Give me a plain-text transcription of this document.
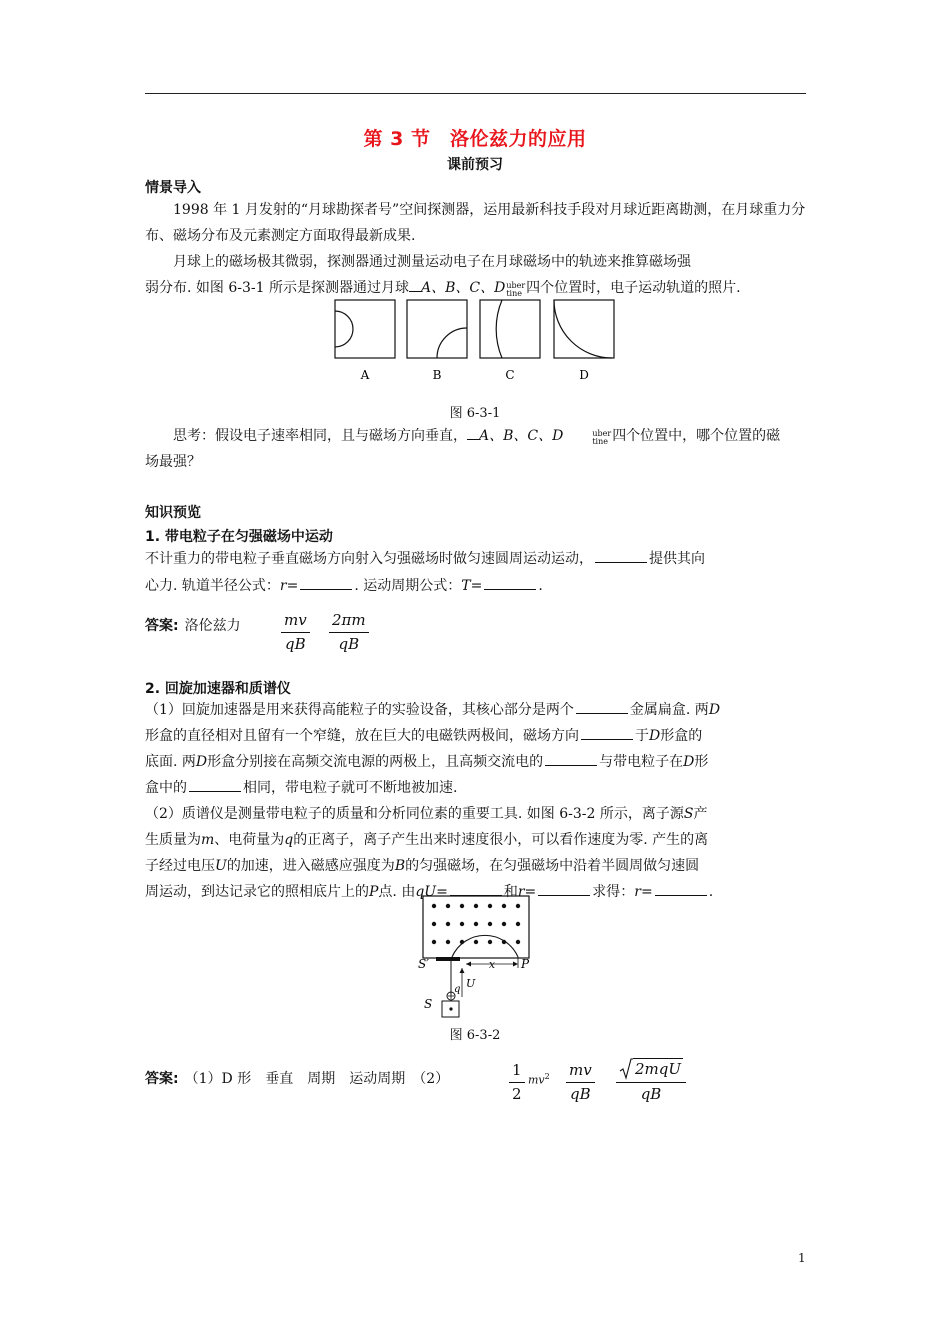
第 3 节　洛伦兹力的应用
课前预习
情景导入
1998 年 1 月发射的“月球勘探者号”空间探测器，运用最新科技手段对月球近距离勘测，在月球重力分布、磁场分布及元素测定方面取得最新成果.
月球上的磁场极其微弱，探测器通过测量运动电子在月球磁场中的轨迹来推算磁场强
弱分布. 如图 6-3-1 所示是探测器通过月球 A、B、C、D uber
tine 四个位置时，电子运动轨道的照片.
A	B	C	D
图 6-3-1
思考：假设电子速率相同，且与磁场方向垂直， A、B、C、D	uber
tine 四个位置中，哪个位置的磁
场最强？
知识预览
1. 带电粒子在匀强磁场中运动
不计重力的带电粒子垂直磁场方向射入匀强磁场时做匀速圆周运动运动，	提供其向
心力. 轨道半径公式：r=	. 运动周期公式：T=	.
答案: 洛伦兹力	$\frac{mv}{qB} \frac{2\pi m}{qB}$
2. 回旋加速器和质谱仪
（1）回旋加速器是用来获得高能粒子的实验设备，其核心部分是两个	金属扁盒. 两D
形盒的直径相对且留有一个窄缝，放在巨大的电磁铁两极间，磁场方向	于D形盒的
底面. 两D形盒分别接在高频交流电源的两极上，且高频交流电的	与带电粒子在D形
盒中的	相同，带电粒子就可不断地被加速.
（2）质谱仪是测量带电粒子的质量和分析同位素的重要工具. 如图 6-3-2 所示，离子源S产
生质量为m、电荷量为q的正离子，离子产生出来时速度很小，可以看作速度为零. 产生的离
子经过电压U的加速，进入磁感应强度为B的匀强磁场，在匀强磁场中沿着半圆周做匀速圆
周运动，到达记录它的照相底片上的P点. 由qU=	和r=	求得：r=	.
S′	x P
U
q
S
图 6-3-2
答案: （1）D 形　垂直　周期　运动周期　（2）	$\frac{1}{2} mv^2 \frac{mv}{qB}$	2mqU
qB
1
